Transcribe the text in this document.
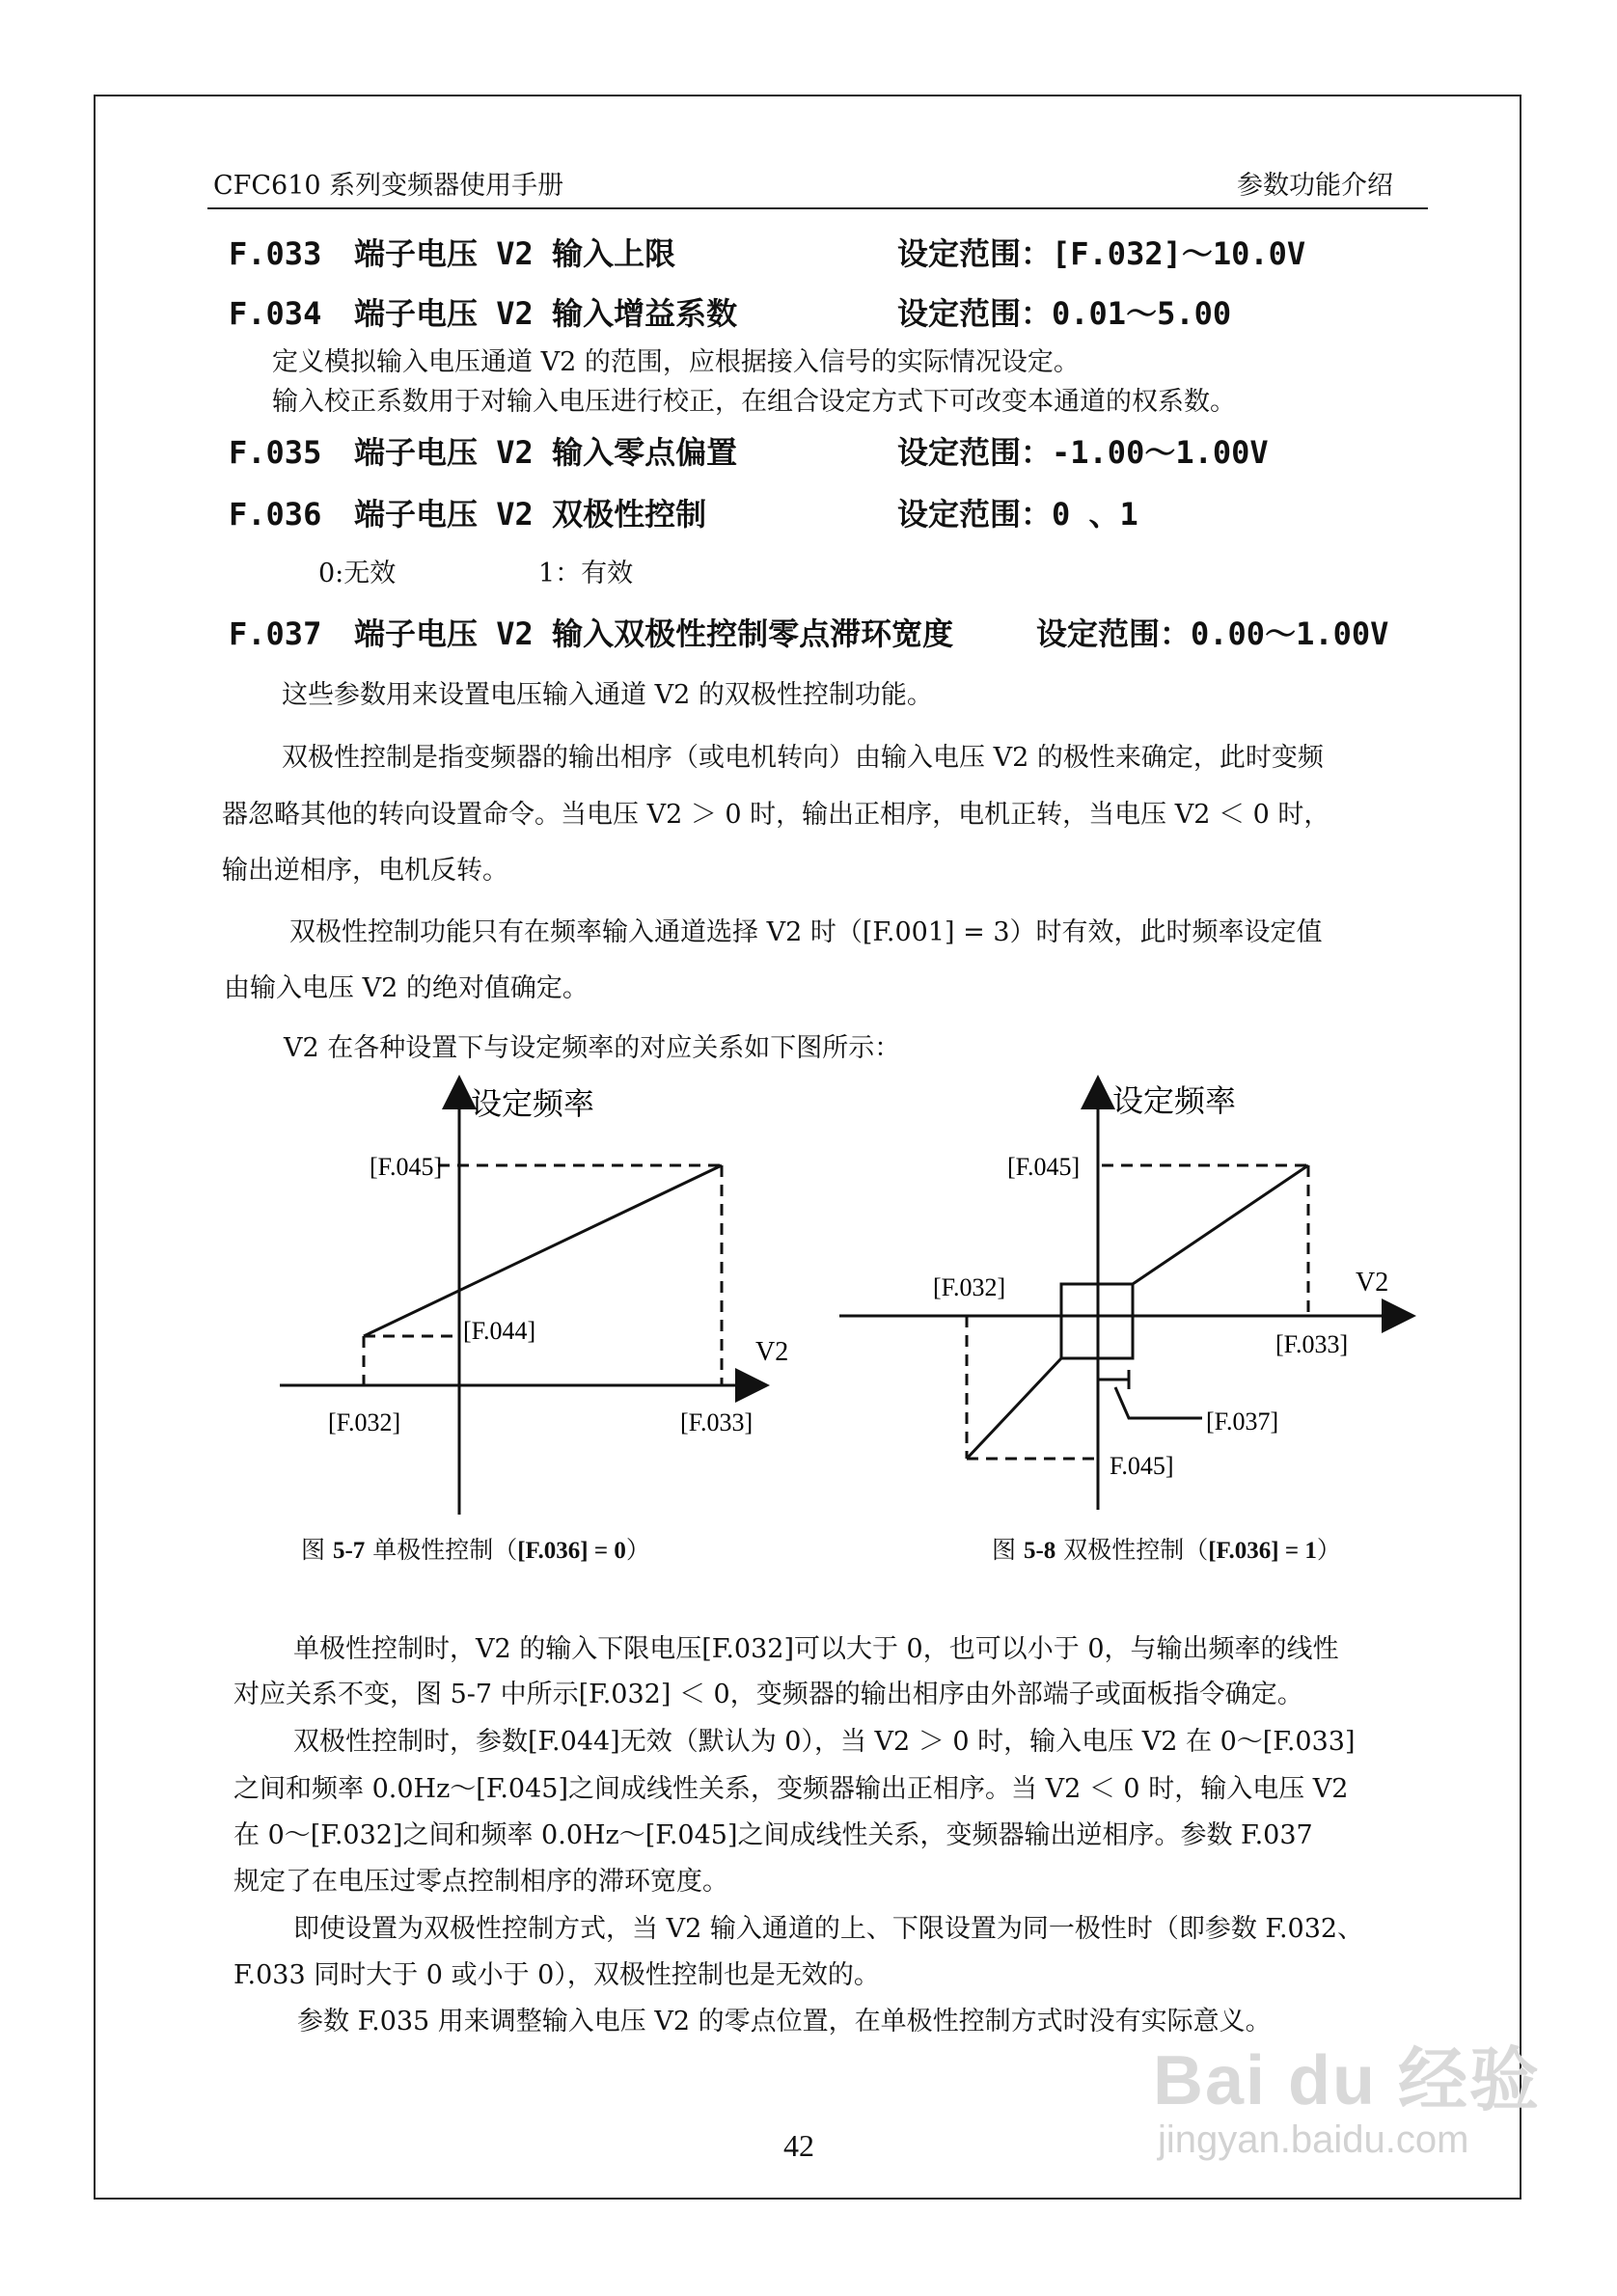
CFC610 系列变频器使用手册	参数功能介绍
F.033 端子电压 V2 输入上限	设定范围：[F.032]～10.0V
F.034 端子电压 V2 输入增益系数	设定范围：0.01～5.00
定义模拟输入电压通道 V2 的范围，应根据接入信号的实际情况设定。
输入校正系数用于对输入电压进行校正，在组合设定方式下可改变本通道的权系数。
F.035 端子电压 V2 输入零点偏置	设定范围：-1.00～1.00V
F.036 端子电压 V2 双极性控制	设定范围：0 、1
0:无效	1：有效
F.037 端子电压 V2 输入双极性控制零点滞环宽度	设定范围：0.00～1.00V
这些参数用来设置电压输入通道 V2 的双极性控制功能。
双极性控制是指变频器的输出相序（或电机转向）由输入电压 V2 的极性来确定，此时变频
器忽略其他的转向设置命令。当电压 V2 ＞ 0 时，输出正相序，电机正转，当电压 V2 ＜ 0 时，
输出逆相序，电机反转。
双极性控制功能只有在频率输入通道选择 V2 时（[F.001] = 3）时有效，此时频率设定值
由输入电压 V2 的绝对值确定。
V2 在各种设置下与设定频率的对应关系如下图所示：
设定频率
[F.045]
[F.044]
V2
[F.032]	[F.033]
设定频率
[F.045]
[F.032]	V2
[F.033]
[F.037]
F.045]
图 5-7 单极性控制（[F.036] = 0）	图 5-8 双极性控制（[F.036] = 1）
单极性控制时，V2 的输入下限电压[F.032]可以大于 0，也可以小于 0，与输出频率的线性
对应关系不变，图 5-7 中所示[F.032] ＜ 0，变频器的输出相序由外部端子或面板指令确定。
双极性控制时，参数[F.044]无效（默认为 0），当 V2 ＞ 0 时，输入电压 V2 在 0～[F.033]
之间和频率 0.0Hz～[F.045]之间成线性关系，变频器输出正相序。当 V2 ＜ 0 时，输入电压 V2
在 0～[F.032]之间和频率 0.0Hz～[F.045]之间成线性关系，变频器输出逆相序。参数 F.037
规定了在电压过零点控制相序的滞环宽度。
即使设置为双极性控制方式，当 V2 输入通道的上、下限设置为同一极性时（即参数 F.032、
F.033 同时大于 0 或小于 0），双极性控制也是无效的。
参数 F.035 用来调整输入电压 V2 的零点位置，在单极性控制方式时没有实际意义。
42
Bai du 经验
jingyan.baidu.com
